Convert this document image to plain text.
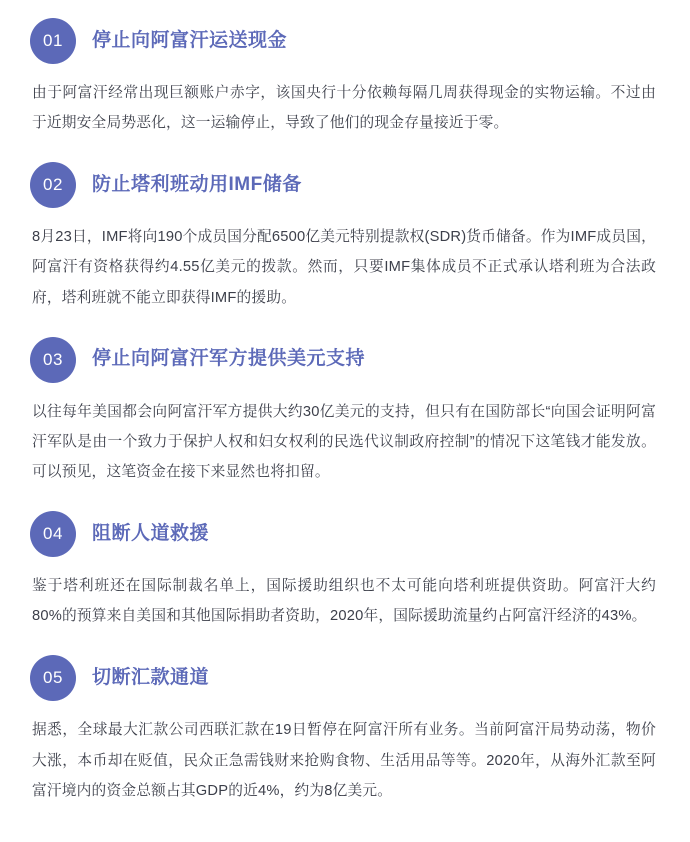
01	停止向阿富汗运送现金
由于阿富汗经常出现巨额账户赤字，该国央行十分依赖每隔几周获得现金的实物运输。不过由于近期安全局势恶化，这一运输停止，导致了他们的现金存量接近于零。
02	防止塔利班动用IMF储备
8月23日，IMF将向190个成员国分配6500亿美元特别提款权(SDR)货币储备。作为IMF成员国，阿富汗有资格获得约4.55亿美元的拨款。然而，只要IMF集体成员不正式承认塔利班为合法政府，塔利班就不能立即获得IMF的援助。
03	停止向阿富汗军方提供美元支持
以往每年美国都会向阿富汗军方提供大约30亿美元的支持，但只有在国防部长“向国会证明阿富汗军队是由一个致力于保护人权和妇女权利的民选代议制政府控制”的情况下这笔钱才能发放。可以预见，这笔资金在接下来显然也将扣留。
04	阻断人道救援
鉴于塔利班还在国际制裁名单上，国际援助组织也不太可能向塔利班提供资助。阿富汗大约80%的预算来自美国和其他国际捐助者资助，2020年，国际援助流量约占阿富汗经济的43%。
05	切断汇款通道
据悉，全球最大汇款公司西联汇款在19日暂停在阿富汗所有业务。当前阿富汗局势动荡，物价大涨，本币却在贬值，民众正急需钱财来抢购食物、生活用品等等。2020年，从海外汇款至阿富汗境内的资金总额占其GDP的近4%，约为8亿美元。
